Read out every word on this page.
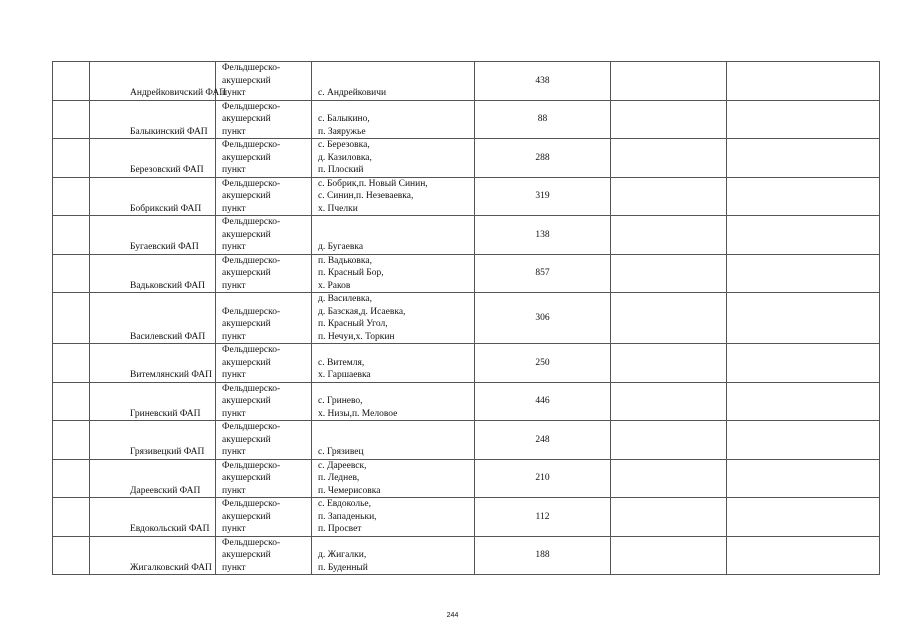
	Андрейковичский ФАП	Фельдшерско-
акушерский
пункт	с. Андрейковичи	438		

	Балыкинский ФАП	Фельдшерско-
акушерский
пункт	с. Балыкино,
п. Заяружье	88		

	Березовский ФАП	Фельдшерско-
акушерский
пункт	с. Березовка,
д. Казиловка,
п. Плоский	288		

	Бобрикский ФАП	Фельдшерско-
акушерский
пункт	с. Бобрик,п. Новый Синин,
с. Синин,п. Незеваевка,
х. Пчелки	319		

	Бугаевский ФАП	Фельдшерско-
акушерский
пункт	д. Бугаевка	138		

	Вадьковский ФАП	Фельдшерско-
акушерский
пункт	п. Вадьковка,
п. Красный Бор,
х. Раков	857		

	Василевский ФАП	Фельдшерско-
акушерский
пункт	д. Василевка,
д. Базская,д. Исаевка,
п. Красный Угол,
п. Нечуи,х. Торкин	306		

	Витемлянский ФАП	Фельдшерско-
акушерский
пункт	с. Витемля,
х. Гаршаевка	250		

	Гриневский ФАП	Фельдшерско-
акушерский
пункт	с. Гринево,
х. Низы,п. Меловое	446		

	Грязивецкий ФАП	Фельдшерско-
акушерский
пункт	с. Грязивец	248		

	Дареевский ФАП	Фельдшерско-
акушерский
пункт	с. Дареевск,
п. Леднев,
п. Чемерисовка	210		

	Евдокольский ФАП	Фельдшерско-
акушерский
пункт	с. Евдоколье,
п. Западеньки,
п. Просвет	112		

	Жигалковский ФАП	Фельдшерско-
акушерский
пункт	д. Жигалки,
п. Буденный	188		
244
